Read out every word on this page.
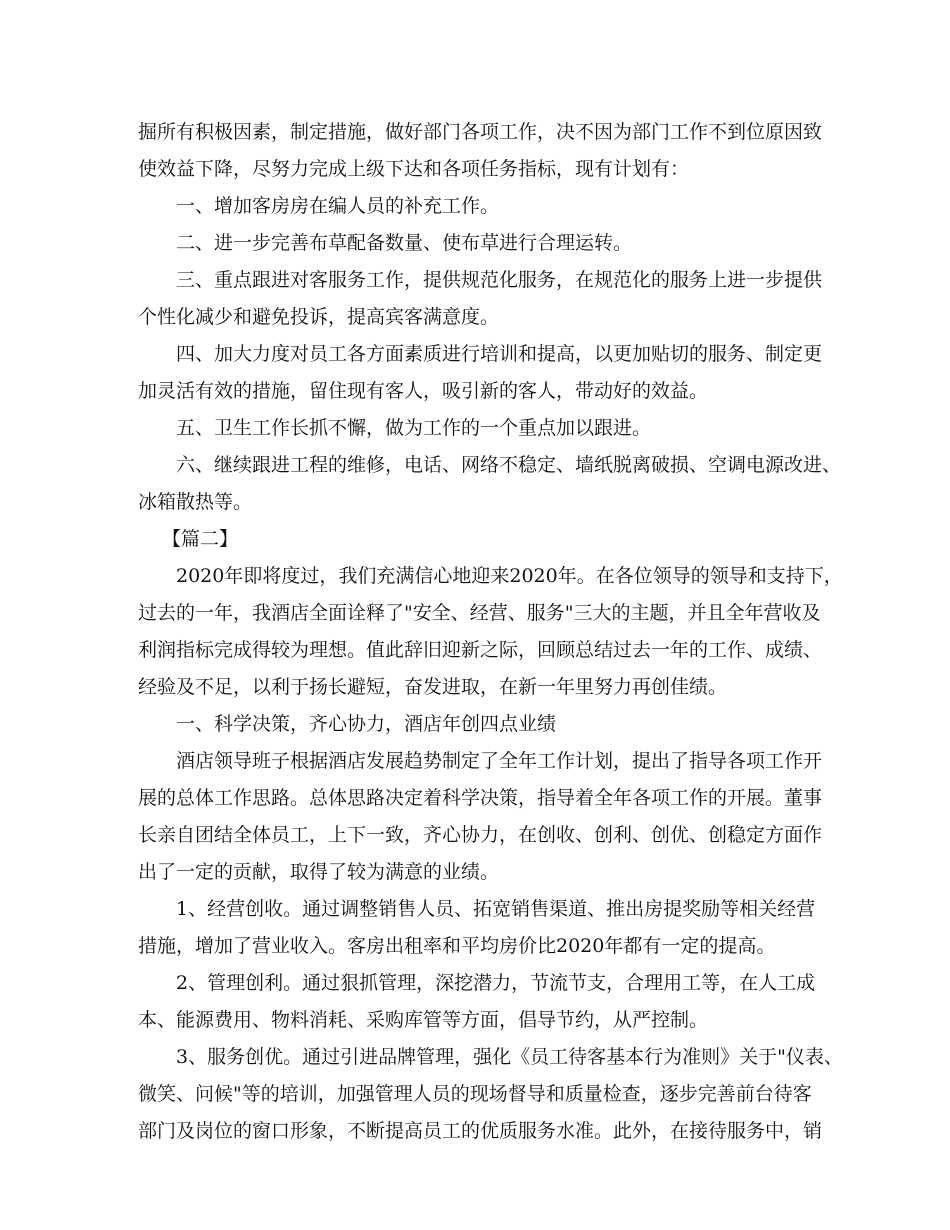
掘所有积极因素，制定措施，做好部门各项工作，决不因为部门工作不到位原因致
使效益下降，尽努力完成上级下达和各项任务指标，现有计划有：
一、增加客房房在编人员的补充工作。
二、进一步完善布草配备数量、使布草进行合理运转。
三、重点跟进对客服务工作，提供规范化服务，在规范化的服务上进一步提供
个性化减少和避免投诉，提高宾客满意度。
四、加大力度对员工各方面素质进行培训和提高，以更加贴切的服务、制定更
加灵活有效的措施，留住现有客人，吸引新的客人，带动好的效益。
五、卫生工作长抓不懈，做为工作的一个重点加以跟进。
六、继续跟进工程的维修，电话、网络不稳定、墙纸脱离破损、空调电源改进、
冰箱散热等。
【篇二】
2020年即将度过，我们充满信心地迎来2020年。在各位领导的领导和支持下，
过去的一年，我酒店全面诠释了"安全、经营、服务"三大的主题，并且全年营收及
利润指标完成得较为理想。值此辞旧迎新之际，回顾总结过去一年的工作、成绩、
经验及不足，以利于扬长避短，奋发进取，在新一年里努力再创佳绩。
一、科学决策，齐心协力，酒店年创四点业绩
酒店领导班子根据酒店发展趋势制定了全年工作计划，提出了指导各项工作开
展的总体工作思路。总体思路决定着科学决策，指导着全年各项工作的开展。董事
长亲自团结全体员工，上下一致，齐心协力，在创收、创利、创优、创稳定方面作
出了一定的贡献，取得了较为满意的业绩。
1、经营创收。通过调整销售人员、拓宽销售渠道、推出房提奖励等相关经营
措施，增加了营业收入。客房出租率和平均房价比2020年都有一定的提高。
2、管理创利。通过狠抓管理，深挖潜力，节流节支，合理用工等，在人工成
本、能源费用、物料消耗、采购库管等方面，倡导节约，从严控制。
3、服务创优。通过引进品牌管理，强化《员工待客基本行为准则》关于"仪表、
微笑、问候"等的培训，加强管理人员的现场督导和质量检查，逐步完善前台待客
部门及岗位的窗口形象，不断提高员工的优质服务水准。此外，在接待服务中，销
